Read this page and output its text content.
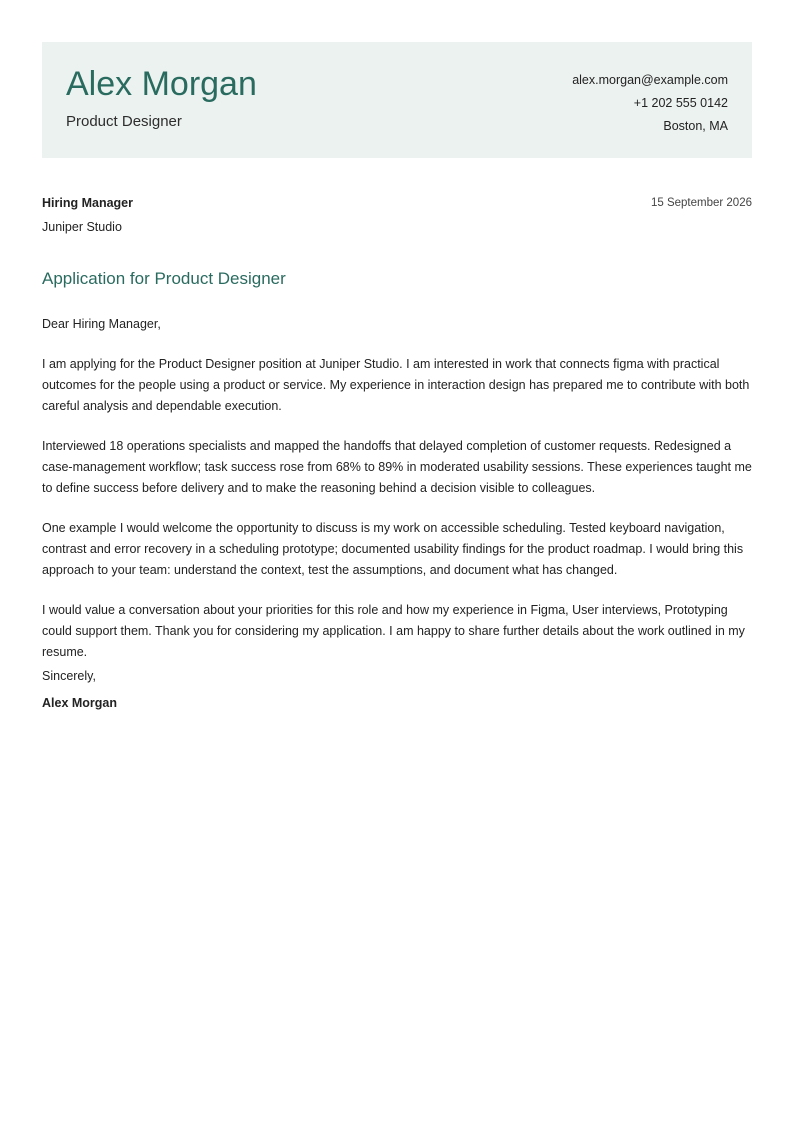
Alex Morgan
Product Designer
alex.morgan@example.com
+1 202 555 0142
Boston, MA
Hiring Manager
Juniper Studio
15 September 2026
Application for Product Designer

Dear Hiring Manager,

I am applying for the Product Designer position at Juniper Studio. I am interested in work that connects figma with practical outcomes for the people using a product or service. My experience in interaction design has prepared me to contribute with both careful analysis and dependable execution.

Interviewed 18 operations specialists and mapped the handoffs that delayed completion of customer requests. Redesigned a case-management workflow; task success rose from 68% to 89% in moderated usability sessions. These experiences taught me to define success before delivery and to make the reasoning behind a decision visible to colleagues.

One example I would welcome the opportunity to discuss is my work on accessible scheduling. Tested keyboard navigation, contrast and error recovery in a scheduling prototype; documented usability findings for the product roadmap. I would bring this approach to your team: understand the context, test the assumptions, and document what has changed.

I would value a conversation about your priorities for this role and how my experience in Figma, User interviews, Prototyping could support them. Thank you for considering my application. I am happy to share further details about the work outlined in my resume.

Sincerely,
Alex Morgan
